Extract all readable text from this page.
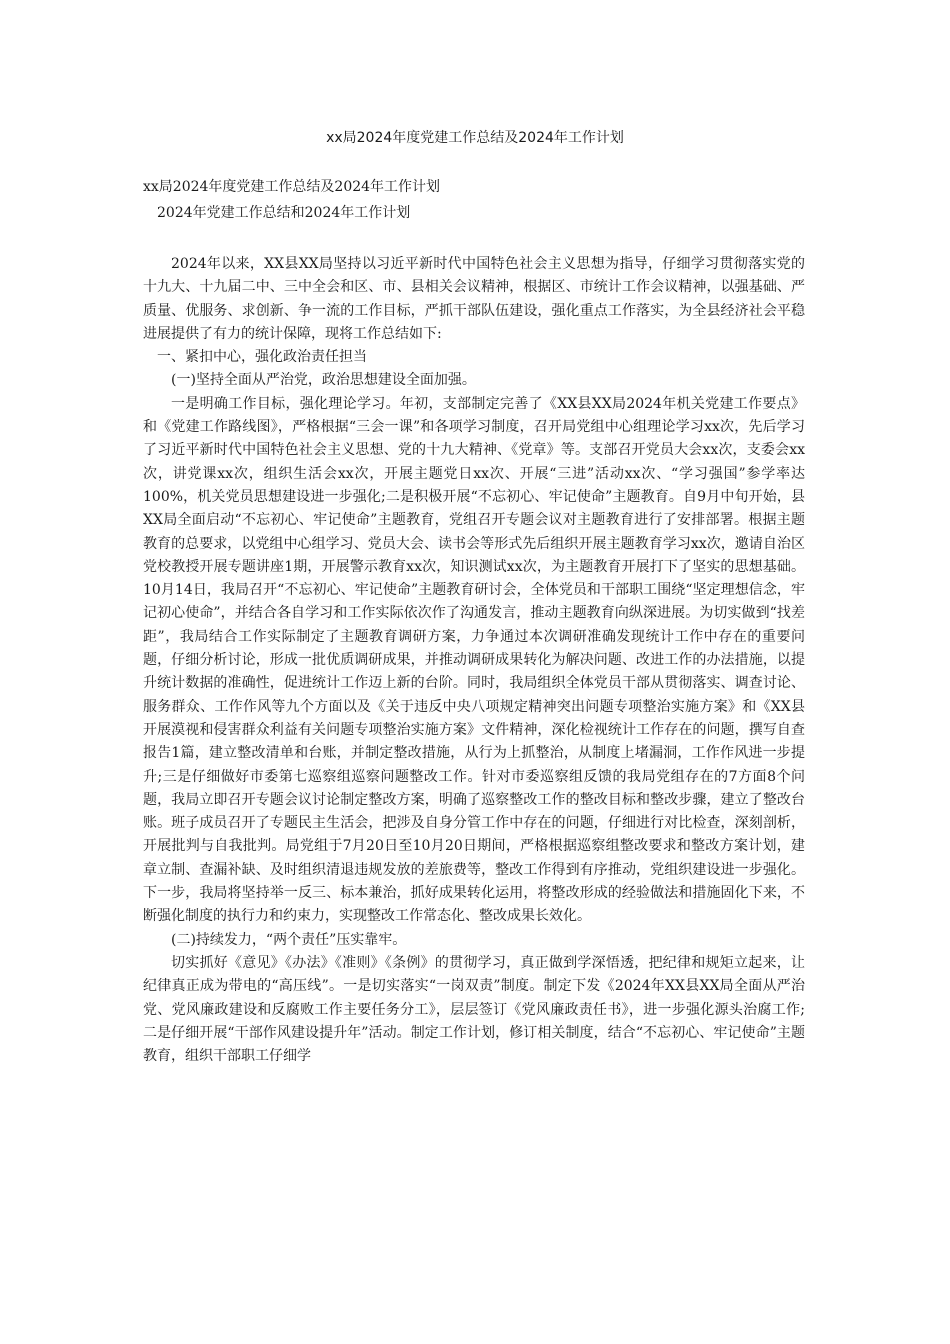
xx局2024年度党建工作总结及2024年工作计划
xx局2024年度党建工作总结及2024年工作计划
2024年党建工作总结和2024年工作计划

2024年以来，XX县XX局坚持以习近平新时代中国特色社会主义思想为指导，仔细学习贯彻落实党的十九大、十九届二中、三中全会和区、市、县相关会议精神，根据区、市统计工作会议精神，以强基础、严质量、优服务、求创新、争一流的工作目标，严抓干部队伍建设，强化重点工作落实，为全县经济社会平稳进展提供了有力的统计保障，现将工作总结如下:

一、紧扣中心，强化政治责任担当

(一)坚持全面从严治党，政治思想建设全面加强。

一是明确工作目标，强化理论学习。年初，支部制定完善了《XX县XX局2024年机关党建工作要点》和《党建工作路线图》，严格根据“三会一课”和各项学习制度，召开局党组中心组理论学习xx次，先后学习了习近平新时代中国特色社会主义思想、党的十九大精神、《党章》等。支部召开党员大会xx次，支委会xx次，讲党课xx次，组织生活会xx次，开展主题党日xx次、开展“三进”活动xx次、“学习强国”参学率达100%，机关党员思想建设进一步强化;二是积极开展“不忘初心、牢记使命”主题教育。自9月中旬开始，县XX局全面启动“不忘初心、牢记使命”主题教育，党组召开专题会议对主题教育进行了安排部署。根据主题教育的总要求，以党组中心组学习、党员大会、读书会等形式先后组织开展主题教育学习xx次，邀请自治区党校教授开展专题讲座1期，开展警示教育xx次，知识测试xx次，为主题教育开展打下了坚实的思想基础。10月14日，我局召开“不忘初心、牢记使命”主题教育研讨会，全体党员和干部职工围绕“坚定理想信念，牢记初心使命”，并结合各自学习和工作实际依次作了沟通发言，推动主题教育向纵深进展。为切实做到“找差距”，我局结合工作实际制定了主题教育调研方案，力争通过本次调研准确发现统计工作中存在的重要问题，仔细分析讨论，形成一批优质调研成果，并推动调研成果转化为解决问题、改进工作的办法措施，以提升统计数据的准确性，促进统计工作迈上新的台阶。同时，我局组织全体党员干部从贯彻落实、调查讨论、服务群众、工作作风等九个方面以及《关于违反中央八项规定精神突出问题专项整治实施方案》和《XX县开展漠视和侵害群众利益有关问题专项整治实施方案》文件精神，深化检视统计工作存在的问题，撰写自查报告1篇，建立整改清单和台账，并制定整改措施，从行为上抓整治，从制度上堵漏洞，工作作风进一步提升;三是仔细做好市委第七巡察组巡察问题整改工作。针对市委巡察组反馈的我局党组存在的7方面8个问题，我局立即召开专题会议讨论制定整改方案，明确了巡察整改工作的整改目标和整改步骤，建立了整改台账。班子成员召开了专题民主生活会，把涉及自身分管工作中存在的问题，仔细进行对比检查，深刻剖析，开展批判与自我批判。局党组于7月20日至10月20日期间，严格根据巡察组整改要求和整改方案计划，建章立制、查漏补缺、及时组织清退违规发放的差旅费等，整改工作得到有序推动，党组织建设进一步强化。下一步，我局将坚持举一反三、标本兼治，抓好成果转化运用，将整改形成的经验做法和措施固化下来，不断强化制度的执行力和约束力，实现整改工作常态化、整改成果长效化。

(二)持续发力，“两个责任”压实靠牢。

切实抓好《意见》《办法》《准则》《条例》的贯彻学习，真正做到学深悟透，把纪律和规矩立起来，让纪律真正成为带电的“高压线”。一是切实落实“一岗双责”制度。制定下发《2024年XX县XX局全面从严治党、党风廉政建设和反腐败工作主要任务分工》，层层签订《党风廉政责任书》，进一步强化源头治腐工作;二是仔细开展“干部作风建设提升年”活动。制定工作计划，修订相关制度，结合“不忘初心、牢记使命”主题教育，组织干部职工仔细学
